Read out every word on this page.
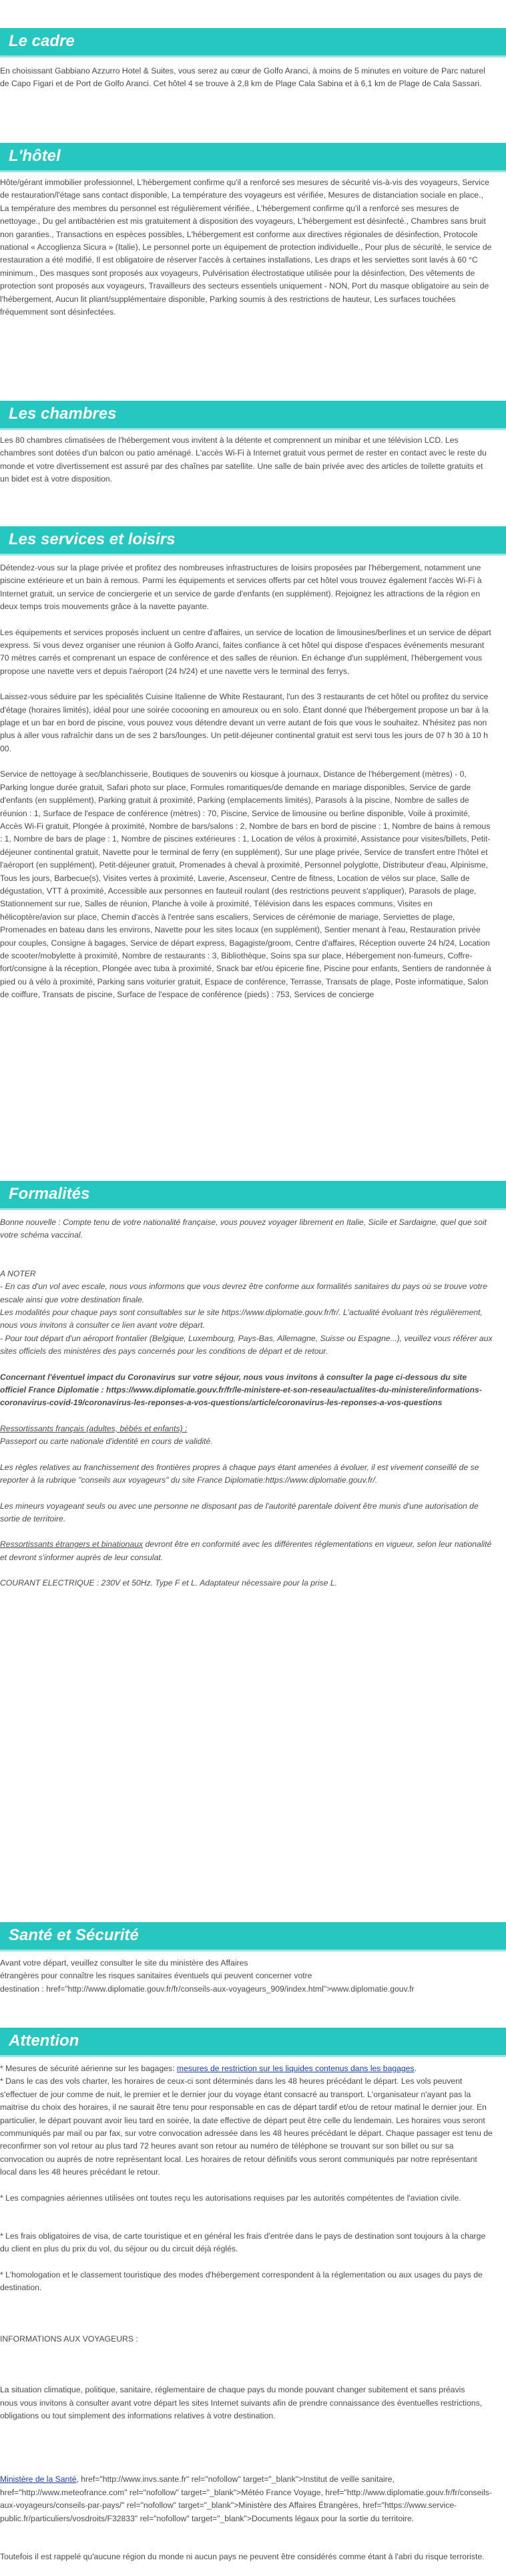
Le cadre

En choisissant Gabbiano Azzurro Hotel & Suites, vous serez au cœur de Golfo Aranci, à moins de 5 minutes en voiture de Parc naturel de Capo Figari et de Port de Golfo Aranci. Cet hôtel 4 se trouve à 2,8 km de Plage Cala Sabina et à 6,1 km de Plage de Cala Sassari.

L'hôtel

Hôte/gérant immobilier professionnel, L'hébergement confirme qu'il a renforcé ses mesures de sécurité vis-à-vis des voyageurs, Service de restauration/l'étage sans contact disponible, La température des voyageurs est vérifiée, Mesures de distanciation sociale en place., La température des membres du personnel est régulièrement vérifiée., L'hébergement confirme qu'il a renforcé ses mesures de nettoyage., Du gel antibactérien est mis gratuitement à disposition des voyageurs, L'hébergement est désinfecté., Chambres sans bruit non garanties., Transactions en espèces possibles, L'hébergement est conforme aux directives régionales de désinfection, Protocole national « Accoglienza Sicura » (Italie), Le personnel porte un équipement de protection individuelle., Pour plus de sécurité, le service de restauration a été modifié, Il est obligatoire de réserver l'accès à certaines installations, Les draps et les serviettes sont lavés à 60 °C minimum., Des masques sont proposés aux voyageurs, Pulvérisation électrostatique utilisée pour la désinfection, Des vêtements de protection sont proposés aux voyageurs, Travailleurs des secteurs essentiels uniquement - NON, Port du masque obligatoire au sein de l'hébergement, Aucun lit pliant/supplémentaire disponible, Parking soumis à des restrictions de hauteur, Les surfaces touchées fréquemment sont désinfectées.

Les chambres

Les 80 chambres climatisées de l'hébergement vous invitent à la détente et comprennent un minibar et une télévision LCD. Les chambres sont dotées d'un balcon ou patio aménagé. L'accès Wi-Fi à Internet gratuit vous permet de rester en contact avec le reste du monde et votre divertissement est assuré par des chaînes par satellite. Une salle de bain privée avec des articles de toilette gratuits et un bidet est à votre disposition.

Les services et loisirs

Détendez-vous sur la plage privée et profitez des nombreuses infrastructures de loisirs proposées par l'hébergement, notamment une piscine extérieure et un bain à remous. Parmi les équipements et services offerts par cet hôtel vous trouvez également l'accès Wi-Fi à Internet gratuit, un service de conciergerie et un service de garde d'enfants (en supplément). Rejoignez les attractions de la région en deux temps trois mouvements grâce à la navette payante.

Les équipements et services proposés incluent un centre d'affaires, un service de location de limousines/berlines et un service de départ express. Si vous devez organiser une réunion à Golfo Aranci, faites confiance à cet hôtel qui dispose d'espaces événements mesurant 70 mètres carrés et comprenant un espace de conférence et des salles de réunion. En échange d'un supplément, l'hébergement vous propose une navette vers et depuis l'aéroport (24 h/24) et une navette vers le terminal des ferrys.

Laissez-vous séduire par les spécialités Cuisine Italienne de White Restaurant, l'un des 3 restaurants de cet hôtel ou profitez du service d'étage (horaires limités), idéal pour une soirée cocooning en amoureux ou en solo. Étant donné que l'hébergement propose un bar à la plage et un bar en bord de piscine, vous pouvez vous détendre devant un verre autant de fois que vous le souhaitez. N'hésitez pas non plus à aller vous rafraîchir dans un de ses 2 bars/lounges. Un petit-déjeuner continental gratuit est servi tous les jours de 07 h 30 à 10 h 00.

Service de nettoyage à sec/blanchisserie, Boutiques de souvenirs ou kiosque à journaux, Distance de l'hébergement (mètres) - 0, Parking longue durée gratuit, Safari photo sur place, Formules romantiques/de demande en mariage disponibles, Service de garde d'enfants (en supplément), Parking gratuit à proximité, Parking (emplacements limités), Parasols à la piscine, Nombre de salles de réunion : 1, Surface de l'espace de conférence (mètres) : 70, Piscine, Service de limousine ou berline disponible, Voile à proximité, Accès Wi-Fi gratuit, Plongée à proximité, Nombre de bars/salons : 2, Nombre de bars en bord de piscine : 1, Nombre de bains à remous : 1, Nombre de bars de plage : 1, Nombre de piscines extérieures : 1, Location de vélos à proximité, Assistance pour visites/billets, Petit-déjeuner continental gratuit, Navette pour le terminal de ferry (en supplément), Sur une plage privée, Service de transfert entre l'hôtel et l'aéroport (en supplément), Petit-déjeuner gratuit, Promenades à cheval à proximité, Personnel polyglotte, Distributeur d'eau, Alpinisme, Tous les jours, Barbecue(s), Visites vertes à proximité, Laverie, Ascenseur, Centre de fitness, Location de vélos sur place, Salle de dégustation, VTT à proximité, Accessible aux personnes en fauteuil roulant (des restrictions peuvent s'appliquer), Parasols de plage, Stationnement sur rue, Salles de réunion, Planche à voile à proximité, Télévision dans les espaces communs, Visites en hélicoptère/avion sur place, Chemin d'accès à l'entrée sans escaliers, Services de cérémonie de mariage, Serviettes de plage, Promenades en bateau dans les environs, Navette pour les sites locaux (en supplément), Sentier menant à l'eau, Restauration privée pour couples, Consigne à bagages, Service de départ express, Bagagiste/groom, Centre d'affaires, Réception ouverte 24 h/24, Location de scooter/mobylette à proximité, Nombre de restaurants : 3, Bibliothèque, Soins spa sur place, Hébergement non-fumeurs, Coffre-fort/consigne à la réception, Plongée avec tuba à proximité, Snack bar et/ou épicerie fine, Piscine pour enfants, Sentiers de randonnée à pied ou à vélo à proximité, Parking sans voiturier gratuit, Espace de conférence, Terrasse, Transats de plage, Poste informatique, Salon de coiffure, Transats de piscine, Surface de l'espace de conférence (pieds) : 753, Services de concierge

Formalités

Bonne nouvelle : Compte tenu de votre nationalité française, vous pouvez voyager librement en Italie, Sicile et Sardaigne, quel que soit votre schéma vaccinal.

A NOTER
- En cas d'un vol avec escale, nous vous informons que vous devrez être conforme aux formalités sanitaires du pays où se trouve votre escale ainsi que votre destination finale.
Les modalités pour chaque pays sont consultables sur le site https://www.diplomatie.gouv.fr/fr/. L'actualité évoluant très régulièrement, nous vous invitons à consulter ce lien avant votre départ.
- Pour tout départ d'un aéroport frontalier (Belgique, Luxembourg, Pays-Bas, Allemagne, Suisse ou Espagne...), veuillez vous référer aux sites officiels des ministères des pays concernés pour les conditions de départ et de retour.

Concernant l'éventuel impact du Coronavirus sur votre séjour, nous vous invitons à consulter la page ci-dessous du site officiel France Diplomatie : https://www.diplomatie.gouv.fr/fr/le-ministere-et-son-reseau/actualites-du-ministere/informations-coronavirus-covid-19/coronavirus-les-reponses-a-vos-questions/article/coronavirus-les-reponses-a-vos-questions

Ressortissants français (adultes, bébés et enfants) :

Passeport ou carte nationale d'identité en cours de validité.

Les règles relatives au franchissement des frontières propres à chaque pays étant amenées à évoluer, il est vivement conseillé de se reporter à la rubrique "conseils aux voyageurs" du site France Diplomatie:https://www.diplomatie.gouv.fr/.

Les mineurs voyageant seuls ou avec une personne ne disposant pas de l'autorité parentale doivent être munis d'une autorisation de sortie de territoire.

Ressortissants étrangers et binationaux devront être en conformité avec les différentes réglementations en vigueur, selon leur nationalité et devront s'informer auprès de leur consulat.

COURANT ELECTRIQUE : 230V et 50Hz. Type F et L. Adaptateur nécessaire pour la prise L.

Santé et Sécurité
Avant votre départ, veuillez consulter le site du ministère des Affaires
étrangères pour connaître les risques sanitaires éventuels qui peuvent concerner votre
destination : href="http://www.diplomatie.gouv.fr/fr/conseils-aux-voyageurs_909/index.html">www.diplomatie.gouv.fr
Attention
* Mesures de sécurité aérienne sur les bagages: mesures de restriction sur les liquides contenus dans les bagages.

* Dans le cas des vols charter, les horaires de ceux-ci sont déterminés dans les 48 heures précédant le départ. Les vols peuvent s'effectuer de jour comme de nuit, le premier et le dernier jour du voyage étant consacré au transport. L'organisateur n'ayant pas la maitrise du choix des horaires, il ne saurait être tenu pour responsable en cas de départ tardif et/ou de retour matinal le dernier jour. En particulier, le départ pouvant avoir lieu tard en soirée, la date effective de départ peut être celle du lendemain. Les horaires vous seront communiqués par mail ou par fax, sur votre convocation adressée dans les 48 heures précédant le départ. Chaque passager est tenu de reconfirmer son vol retour au plus tard 72 heures avant son retour au numéro de téléphone se trouvant sur son billet ou sur sa convocation ou auprès de notre représentant local. Les horaires de retour définitifs vous seront communiqués par notre représentant local dans les 48 heures précédant le retour.

* Les compagnies aériennes utilisées ont toutes reçu les autorisations requises par les autorités compétentes de l'aviation civile.

* Les frais obligatoires de visa, de carte touristique et en général les frais d'entrée dans le pays de destination sont toujours à la charge du client en plus du prix du vol, du séjour ou du circuit déjà réglés.

* L'homologation et le classement touristique des modes d'hébergement correspondent à la réglementation ou aux usages du pays de destination.

INFORMATIONS AUX VOYAGEURS :
La situation climatique, politique, sanitaire, réglementaire de chaque pays du monde pouvant changer subitement et sans préavis
nous vous invitons à consulter avant votre départ les sites Internet suivants afin de prendre connaissance des éventuelles restrictions, obligations ou tout simplement des informations relatives à votre destination.

Ministère de la Santé, href="http://www.invs.sante.fr" rel="nofollow" target="_blank">Institut de veille sanitaire, href="http://www.meteofrance.com" rel="nofollow" target="_blank">Météo France Voyage, href="http://www.diplomatie.gouv.fr/fr/conseils-aux-voyageurs/conseils-par-pays/" rel="nofollow" target="_blank">Ministère des Affaires Étrangères, href="https://www.service-public.fr/particuliers/vosdroits/F32833" rel="nofollow" target="_blank">Documents légaux pour la sortie du territoire.

Toutefois il est rappelé qu'aucune région du monde ni aucun pays ne peuvent être considérés comme étant à l'abri du risque terroriste.
